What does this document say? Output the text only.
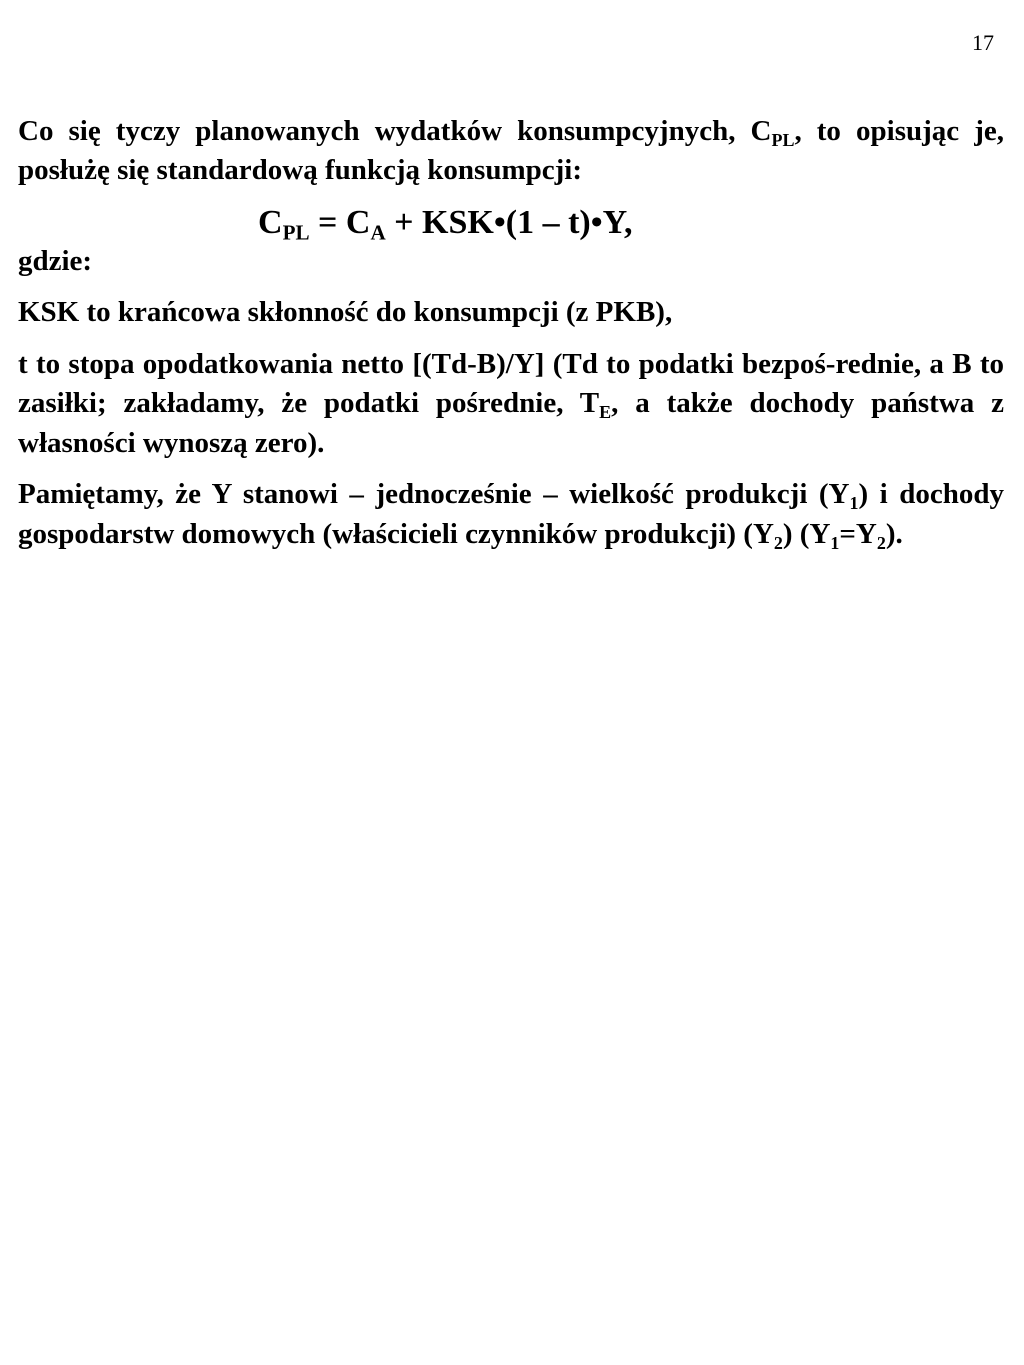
17

Co się tyczy planowanych wydatków konsumpcyjnych, $C_{PL}$, to opisując je, posłużę się standardową funkcją konsumpcji:

$C_{PL} = C_A$ + KSK•(1 – t)•Y,

gdzie:

KSK to krańcowa skłonność do konsumpcji (z PKB),

t to stopa opodatkowania netto [(Td-B)/Y] (Td to podatki bezpoś-rednie, a B to zasiłki; zakładamy, że podatki pośrednie, $T_E$, a także dochody państwa z własności wynoszą zero).

Pamiętamy, że Y stanowi – jednocześnie – wielkość produkcji $(Y_1)$ i dochody gospodarstw domowych (właścicieli czynników produkcji) $(Y_2)$ $(Y_1=Y_2)$.
